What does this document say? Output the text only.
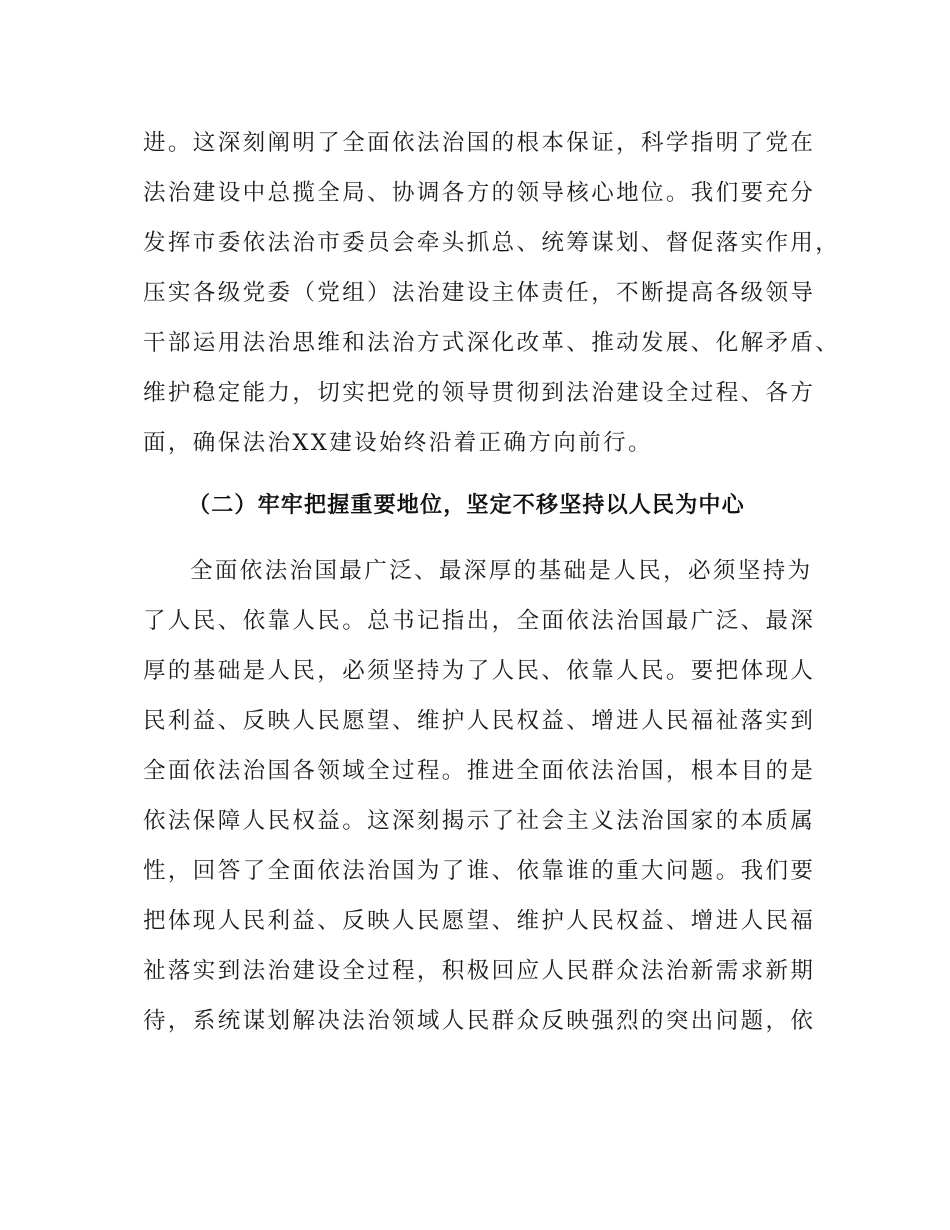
进。这深刻阐明了全面依法治国的根本保证，科学指明了党在
法治建设中总揽全局、协调各方的领导核心地位。我们要充分
发挥市委依法治市委员会牵头抓总、统筹谋划、督促落实作用，
压实各级党委（党组）法治建设主体责任，不断提高各级领导
干部运用法治思维和法治方式深化改革、推动发展、化解矛盾、
维护稳定能力，切实把党的领导贯彻到法治建设全过程、各方
面，确保法治XX建设始终沿着正确方向前行。
（二）牢牢把握重要地位，坚定不移坚持以人民为中心
全面依法治国最广泛、最深厚的基础是人民，必须坚持为
了人民、依靠人民。总书记指出，全面依法治国最广泛、最深
厚的基础是人民，必须坚持为了人民、依靠人民。要把体现人
民利益、反映人民愿望、维护人民权益、增进人民福祉落实到
全面依法治国各领域全过程。推进全面依法治国，根本目的是
依法保障人民权益。这深刻揭示了社会主义法治国家的本质属
性，回答了全面依法治国为了谁、依靠谁的重大问题。我们要
把体现人民利益、反映人民愿望、维护人民权益、增进人民福
祉落实到法治建设全过程，积极回应人民群众法治新需求新期
待，系统谋划解决法治领域人民群众反映强烈的突出问题，依
